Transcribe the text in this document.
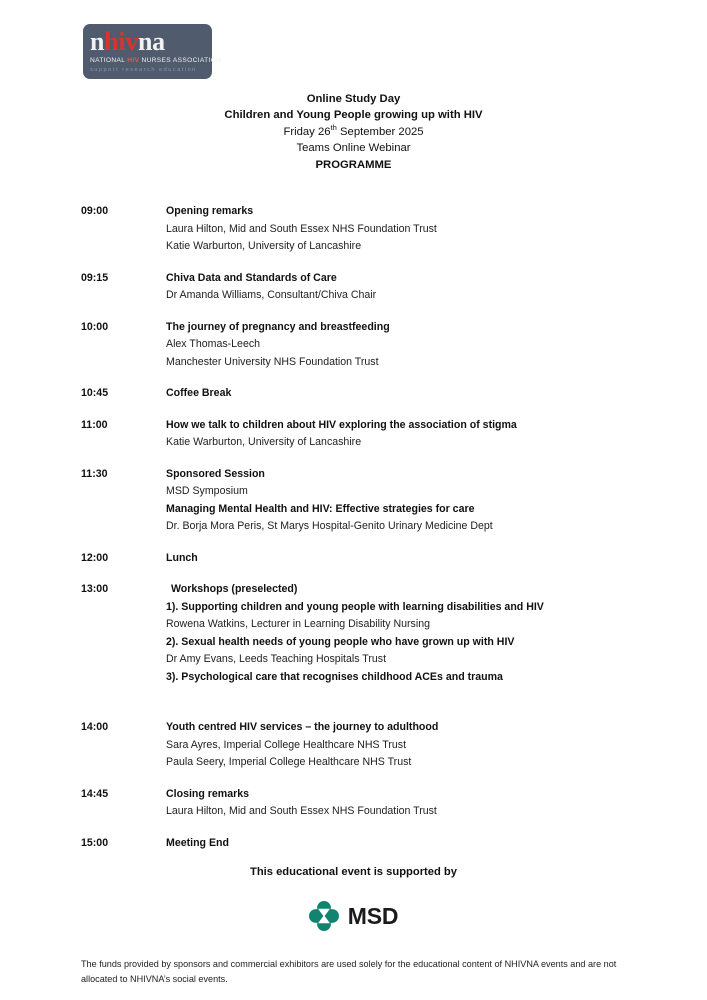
nhivna
NATIONAL HIV NURSES ASSOCIATION
support research education
Online Study Day
Children and Young People growing up with HIV
Friday 26th September 2025
Teams Online Webinar
PROGRAMME
09:00	Opening remarks
Laura Hilton, Mid and South Essex NHS Foundation Trust
Katie Warburton, University of Lancashire
09:15	Chiva Data and Standards of Care
Dr Amanda Williams, Consultant/Chiva Chair
10:00	The journey of pregnancy and breastfeeding
Alex Thomas-Leech
Manchester University NHS Foundation Trust
10:45	Coffee Break
11:00	How we talk to children about HIV exploring the association of stigma
Katie Warburton, University of Lancashire
11:30	Sponsored Session
MSD Symposium
Managing Mental Health and HIV: Effective strategies for care
Dr. Borja Mora Peris, St Marys Hospital-Genito Urinary Medicine Dept
12:00	Lunch
13:00	Workshops (preselected)
1). Supporting children and young people with learning disabilities and HIV
Rowena Watkins, Lecturer in Learning Disability Nursing
2). Sexual health needs of young people who have grown up with HIV
Dr Amy Evans, Leeds Teaching Hospitals Trust
3). Psychological care that recognises childhood ACEs and trauma
14:00	Youth centred HIV services – the journey to adulthood
Sara Ayres, Imperial College Healthcare NHS Trust
Paula Seery, Imperial College Healthcare NHS Trust
14:45	Closing remarks
Laura Hilton, Mid and South Essex NHS Foundation Trust
15:00	Meeting End
This educational event is supported by
MSD
The funds provided by sponsors and commercial exhibitors are used solely for the educational content of NHIVNA events and are not allocated to NHIVNA’s social events.
